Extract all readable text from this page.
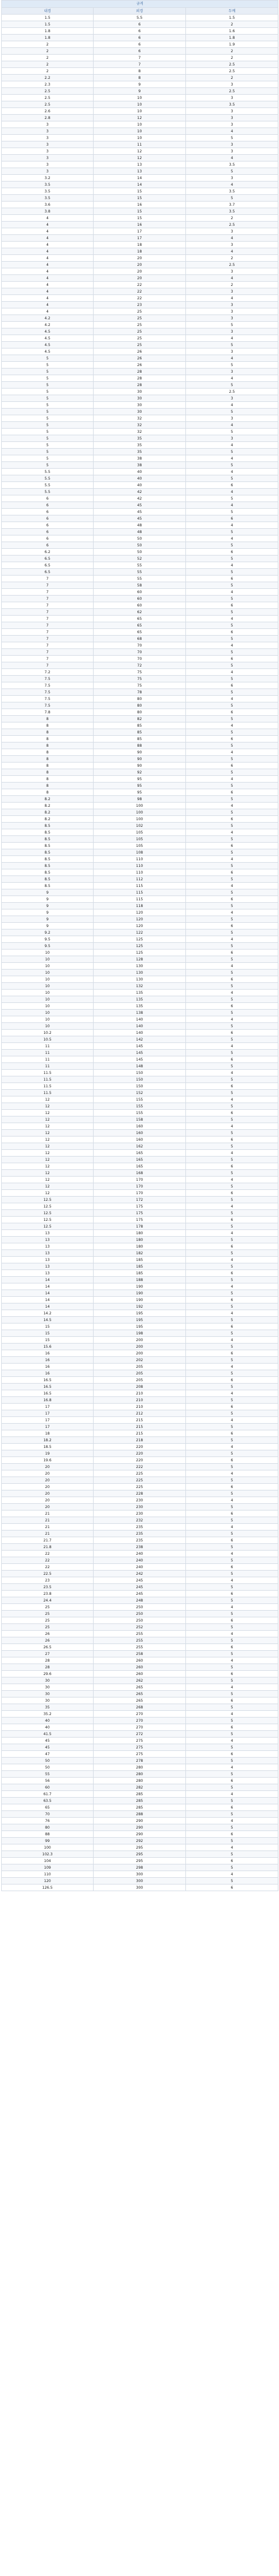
규격		
내경	외경	두께
1.5	5.5	1.5
1.5	6	2
1.8	6	1.6
1.8	6	1.8
2	6	1.9
2	6	2
2	7	2
2	7	2.5
2	8	2.5
2.2	8	2
2.3	9	3
2.5	9	2.5
2.5	10	3
2.5	10	3.5
2.6	10	3
2.8	12	3
3	10	3
3	10	4
3	10	5
3	11	3
3	12	3
3	12	4
3	13	3.5
3	13	5
3.2	14	3
3.5	14	4
3.5	15	3.5
3.5	15	5
3.6	16	3.7
3.8	15	3.5
4	15	2
4	16	2.5
4	17	3
4	17	4
4	18	3
4	18	4
4	20	2
4	20	2.5
4	20	3
4	20	4
4	22	2
4	22	3
4	22	4
4	23	3
4	25	3
4.2	25	3
4.2	25	5
4.5	25	3
4.5	25	4
4.5	25	5
4.5	26	3
5	26	4
5	26	5
5	28	3
5	28	4
5	28	5
5	30	2.5
5	30	3
5	30	4
5	30	5
5	32	3
5	32	4
5	32	5
5	35	3
5	35	4
5	35	5
5	38	4
5	38	5
5.5	40	4
5.5	40	5
5.5	40	6
5.5	42	4
6	42	5
6	45	4
6	45	5
6	45	6
6	48	4
6	48	5
6	50	4
6	50	5
6.2	50	6
6.5	52	5
6.5	55	4
6.5	55	5
7	55	6
7	58	5
7	60	4
7	60	5
7	60	6
7	62	5
7	65	4
7	65	5
7	65	6
7	68	5
7	70	4
7	70	5
7	70	6
7	72	5
7.2	75	4
7.5	75	5
7.5	75	6
7.5	78	5
7.5	80	4
7.5	80	5
7.8	80	6
8	82	5
8	85	4
8	85	5
8	85	6
8	88	5
8	90	4
8	90	5
8	90	6
8	92	5
8	95	4
8	95	5
8	95	6
8.2	98	5
8.2	100	4
8.2	100	5
8.2	100	6
8.5	102	5
8.5	105	4
8.5	105	5
8.5	105	6
8.5	108	5
8.5	110	4
8.5	110	5
8.5	110	6
8.5	112	5
8.5	115	4
9	115	5
9	115	6
9	118	5
9	120	4
9	120	5
9	120	6
9.2	122	5
9.5	125	4
9.5	125	5
10	125	6
10	128	5
10	130	4
10	130	5
10	130	6
10	132	5
10	135	4
10	135	5
10	135	6
10	138	5
10	140	4
10	140	5
10.2	140	6
10.5	142	5
11	145	4
11	145	5
11	145	6
11	148	5
11.5	150	4
11.5	150	5
11.5	150	6
11.5	152	5
12	155	4
12	155	5
12	155	6
12	158	5
12	160	4
12	160	5
12	160	6
12	162	5
12	165	4
12	165	5
12	165	6
12	168	5
12	170	4
12	170	5
12	170	6
12.5	172	5
12.5	175	4
12.5	175	5
12.5	175	6
12.5	178	5
13	180	4
13	180	5
13	180	6
13	182	5
13	185	4
13	185	5
13	185	6
14	188	5
14	190	4
14	190	5
14	190	6
14	192	5
14.2	195	4
14.5	195	5
15	195	6
15	198	5
15	200	4
15.6	200	5
16	200	6
16	202	5
16	205	4
16	205	5
16.5	205	6
16.5	208	5
16.5	210	4
16.8	210	5
17	210	6
17	212	5
17	215	4
17	215	5
18	215	6
18.2	218	5
18.5	220	4
19	220	5
19.6	220	6
20	222	5
20	225	4
20	225	5
20	225	6
20	228	5
20	230	4
20	230	5
21	230	6
21	232	5
21	235	4
21	235	5
21.7	235	6
21.8	238	5
22	240	4
22	240	5
22	240	6
22.5	242	5
23	245	4
23.5	245	5
23.8	245	6
24.4	248	5
25	250	4
25	250	5
25	250	6
25	252	5
26	255	4
26	255	5
26.5	255	6
27	258	5
28	260	4
28	260	5
29.6	260	6
30	262	5
30	265	4
30	265	5
30	265	6
35	268	5
35.2	270	4
40	270	5
40	270	6
41.5	272	5
45	275	4
45	275	5
47	275	6
50	278	5
50	280	4
55	280	5
56	280	6
60	282	5
61.7	285	4
63.5	285	5
65	285	6
70	288	5
76	290	4
80	290	5
88	290	6
99	292	5
100	295	4
102.3	295	5
104	295	6
109	298	5
110	300	4
120	300	5
126.5	300	6
